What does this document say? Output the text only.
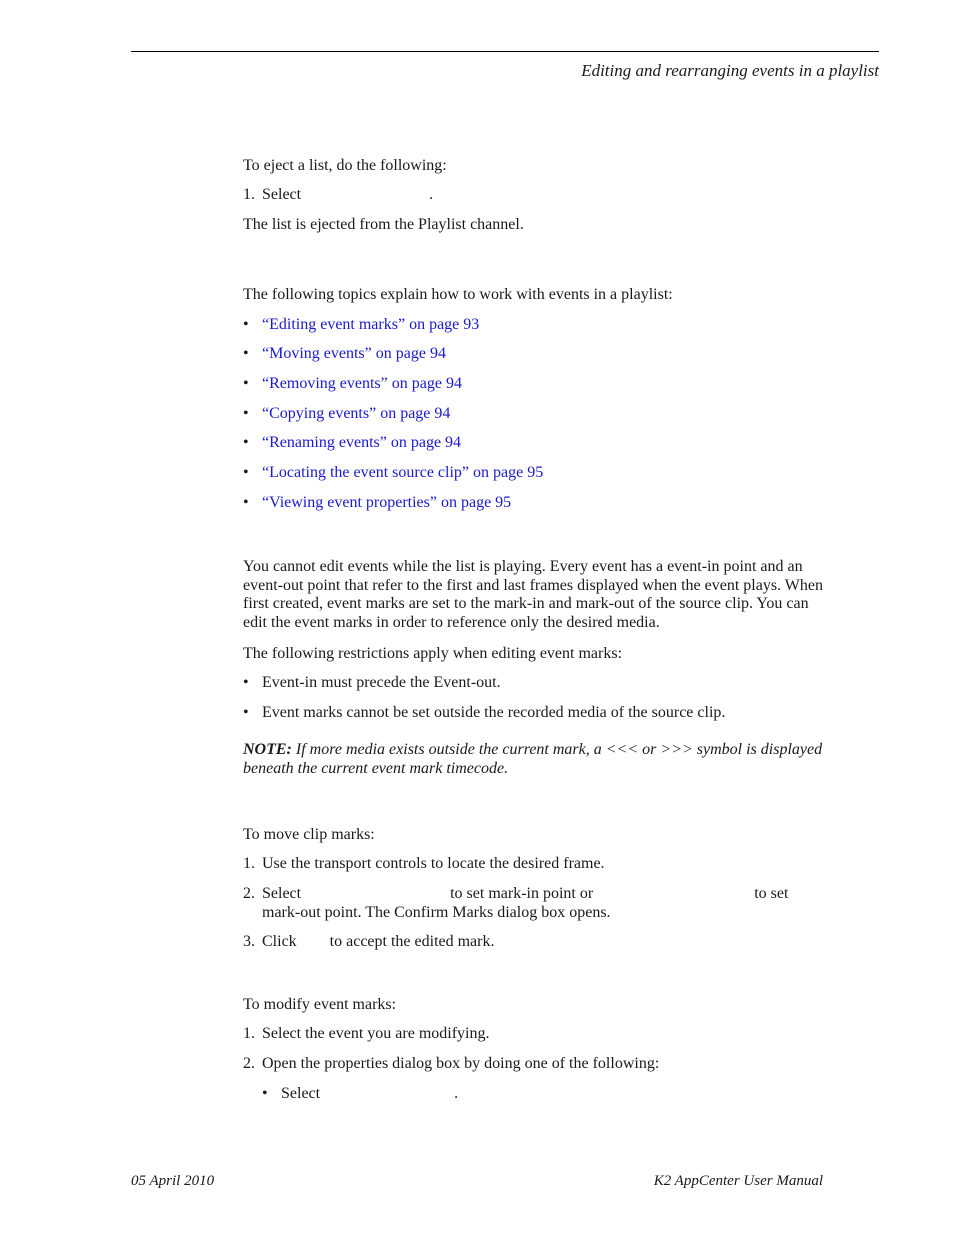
Editing and rearranging events in a playlist
To eject a list, do the following:
1. Select	.
The list is ejected from the Playlist channel.
The following topics explain how to work with events in a playlist:
• “Editing event marks” on page 93
• “Moving events” on page 94
• “Removing events” on page 94
• “Copying events” on page 94
• “Renaming events” on page 94
• “Locating the event source clip” on page 95
• “Viewing event properties” on page 95
You cannot edit events while the list is playing. Every event has a event-in point and an event-out point that refer to the first and last frames displayed when the event plays. When first created, event marks are set to the mark-in and mark-out of the source clip. You can edit the event marks in order to reference only the desired media.
The following restrictions apply when editing event marks:
• Event-in must precede the Event-out.
• Event marks cannot be set outside the recorded media of the source clip.
NOTE: If more media exists outside the current mark, a <<< or >>> symbol is displayed beneath the current event mark timecode.
To move clip marks:
1. Use the transport controls to locate the desired frame.
2. Select	to set mark-in point or	to set
mark-out point. The Confirm Marks dialog box opens.
3. Click to accept the edited mark.
To modify event marks:
1. Select the event you are modifying.
2. Open the properties dialog box by doing one of the following:
• Select	.
05 April 2010	K2 AppCenter User Manual
